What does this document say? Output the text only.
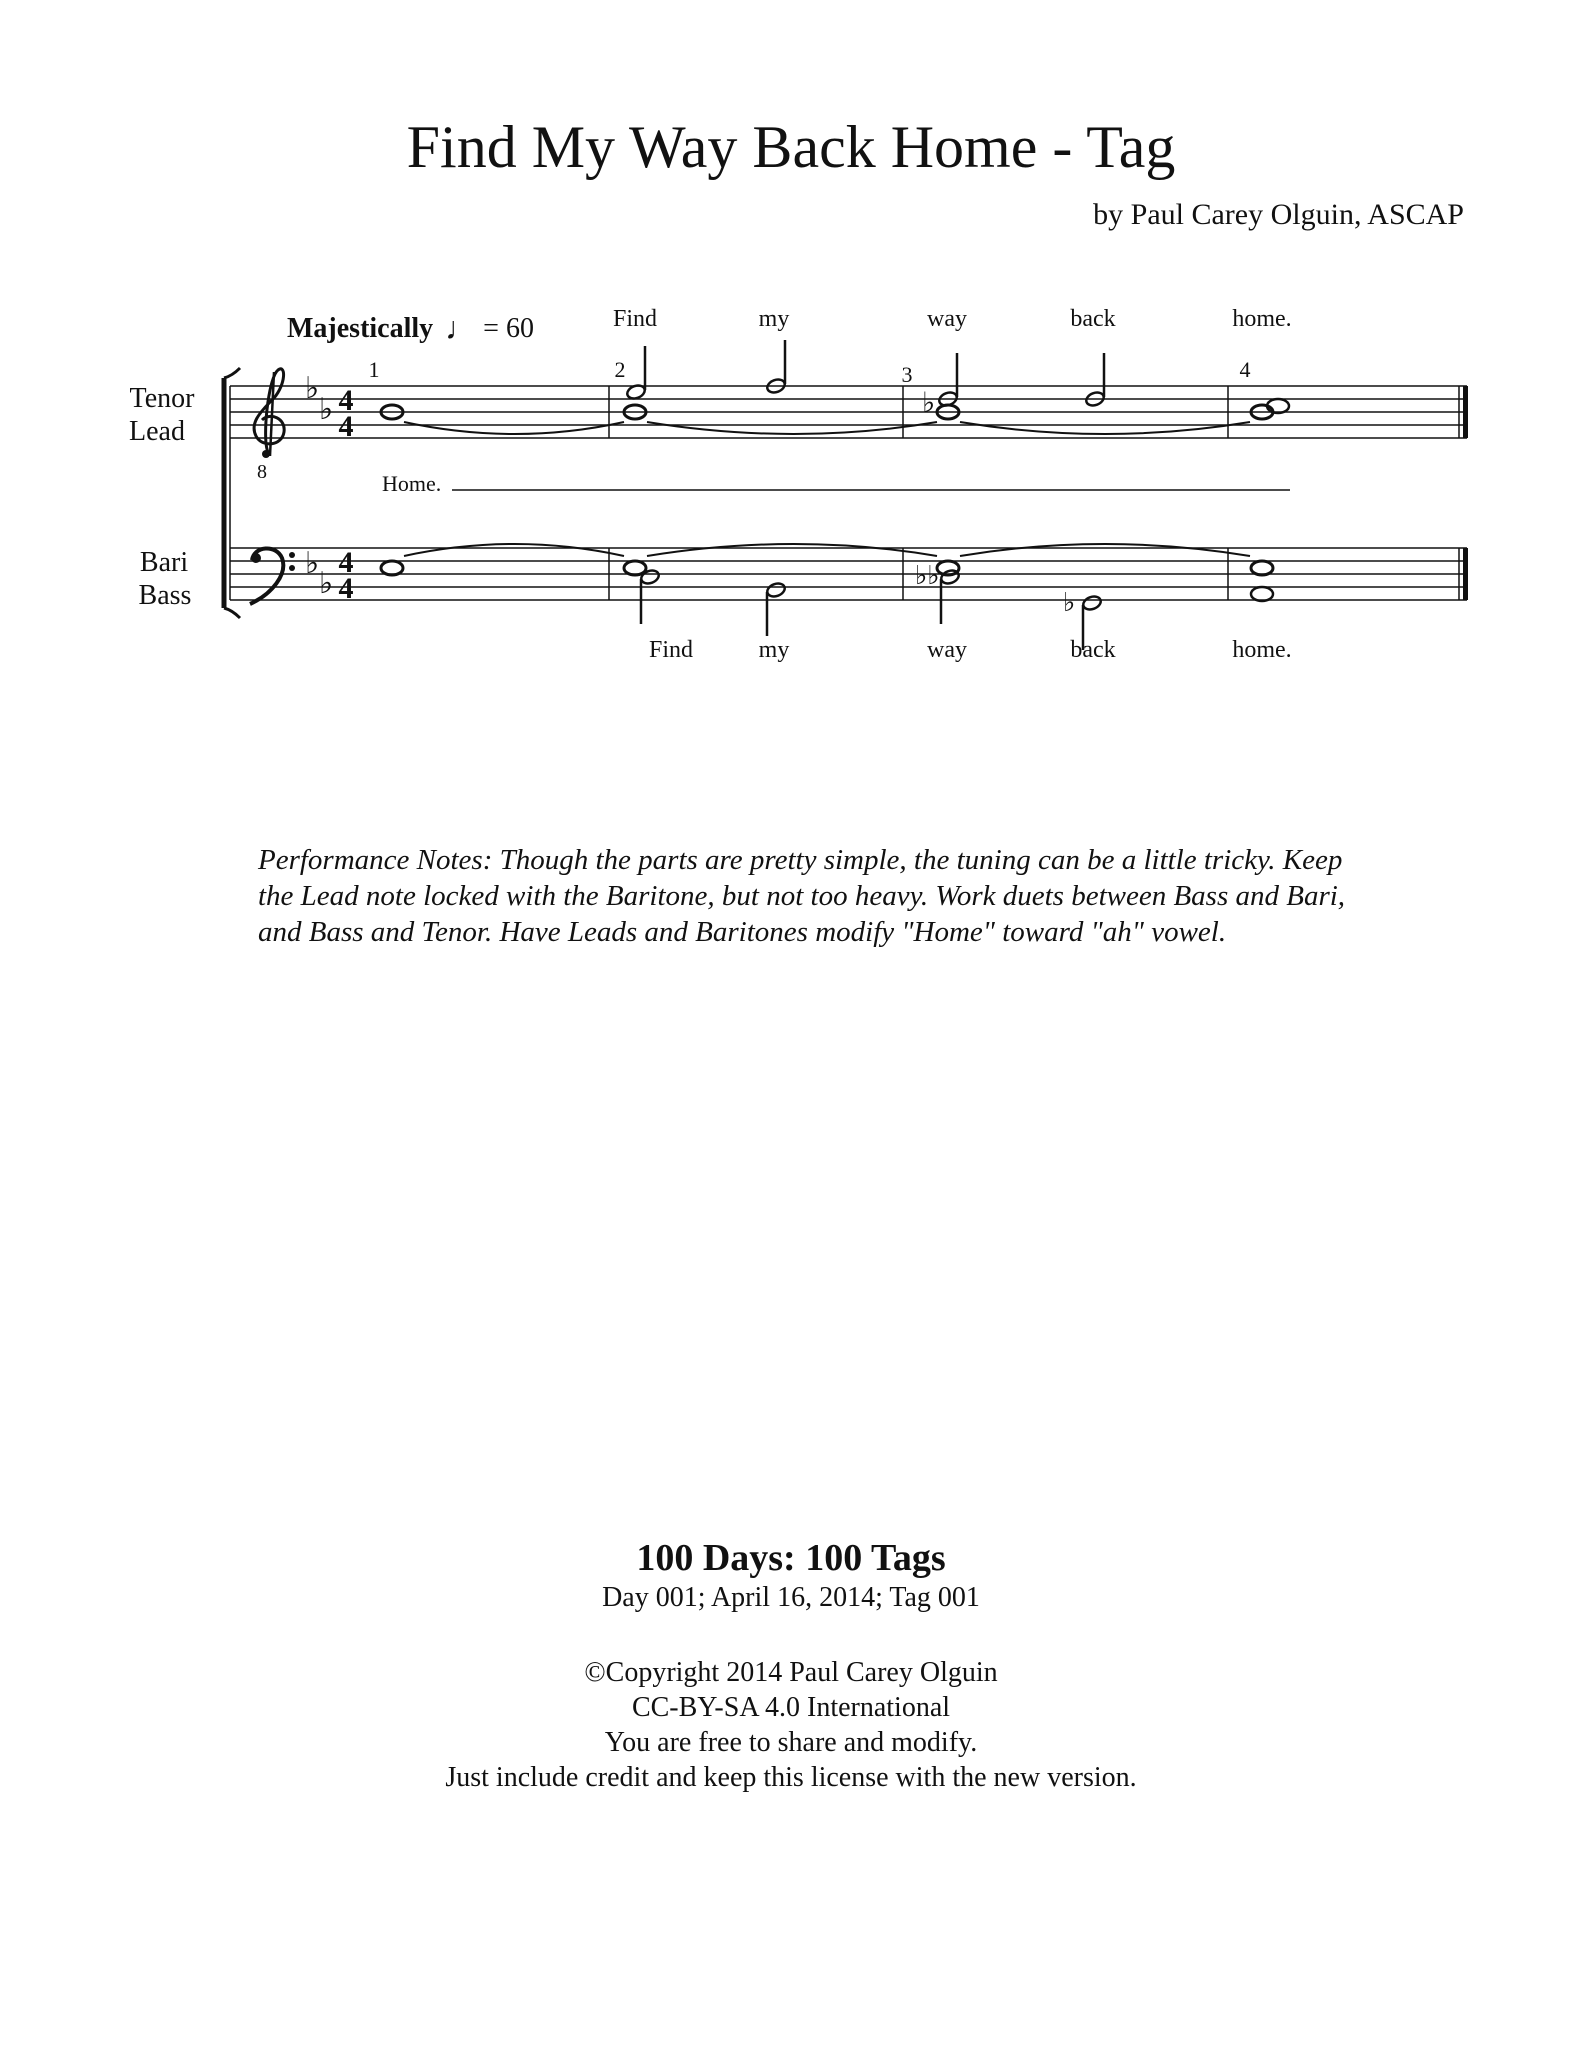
Find My Way Back Home - Tag
by Paul Carey Olguin, ASCAP
Majestically ♩ = 60
Tenor
Lead
Bari
Bass
8
♭
♭
♭
♭
4
4
4
4
1	2	3	4
Find	my	way	back	home.
Home.
Find	my	way	back	home.
♭
♭♭
♭
Performance Notes: Though the parts are pretty simple, the tuning can be a little tricky. Keep the Lead note locked with the Baritone, but not too heavy. Work duets between Bass and Bari, and Bass and Tenor. Have Leads and Baritones modify "Home" toward "ah" vowel.
100 Days: 100 Tags
Day 001; April 16, 2014; Tag 001
©Copyright 2014 Paul Carey Olguin
CC-BY-SA 4.0 International
You are free to share and modify.
Just include credit and keep this license with the new version.
